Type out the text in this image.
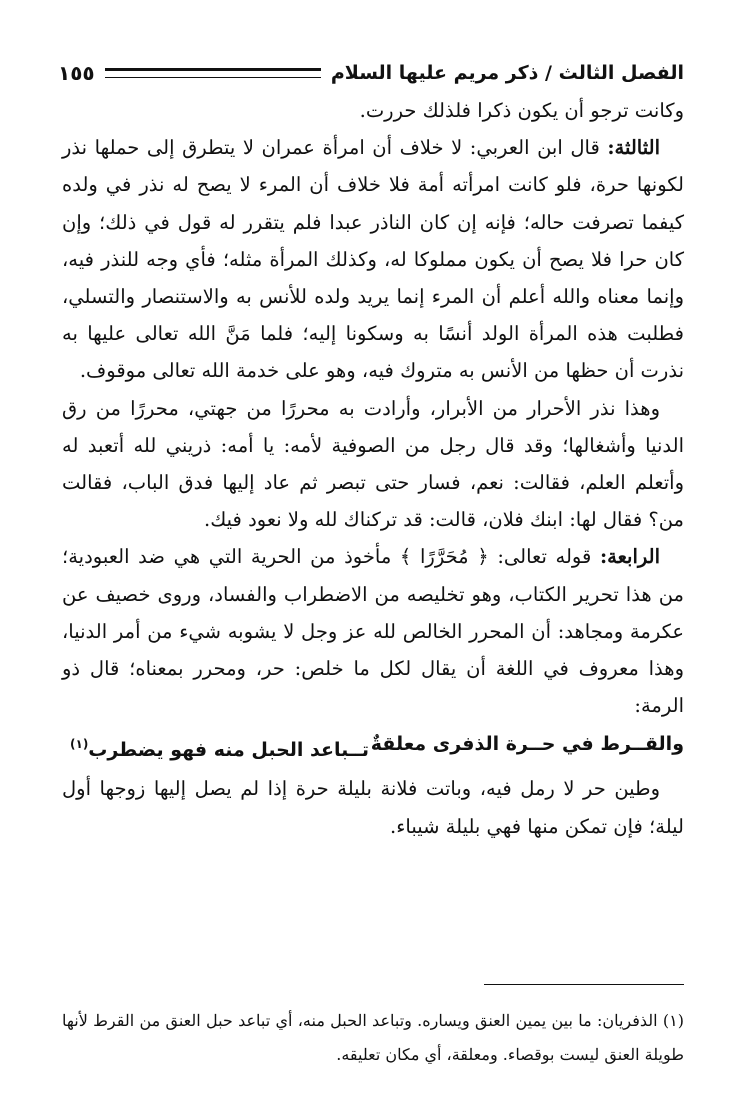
الفصل الثالث / ذكر مريم عليها السلام
١٥٥

وكانت ترجو أن يكون ذكرا فلذلك حررت.

الثالثة: قال ابن العربي: لا خلاف أن امرأة عمران لا يتطرق إلى حملها نذر لكونها حرة، فلو كانت امرأته أمة فلا خلاف أن المرء لا يصح له نذر في ولده كيفما تصرفت حاله؛ فإنه إن كان الناذر عبدا فلم يتقرر له قول في ذلك؛ وإن كان حرا فلا يصح أن يكون مملوكا له، وكذلك المرأة مثله؛ فأي وجه للنذر فيه، وإنما معناه والله أعلم أن المرء إنما يريد ولده للأنس به والاستنصار والتسلي، فطلبت هذه المرأة الولد أنسًا به وسكونا إليه؛ فلما مَنَّ الله تعالى عليها به نذرت أن حظها من الأنس به متروك فيه، وهو على خدمة الله تعالى موقوف.

وهذا نذر الأحرار من الأبرار، وأرادت به محررًا من جهتي، محررًا من رق الدنيا وأشغالها؛ وقد قال رجل من الصوفية لأمه: يا أمه: ذريني لله أتعبد له وأتعلم العلم، فقالت: نعم، فسار حتى تبصر ثم عاد إليها فدق الباب، فقالت من؟ فقال لها: ابنك فلان، قالت: قد تركناك لله ولا نعود فيك.

الرابعة: قوله تعالى: ﴿ مُحَرَّرًا ﴾ مأخوذ من الحرية التي هي ضد العبودية؛ من هذا تحرير الكتاب، وهو تخليصه من الاضطراب والفساد، وروى خصيف عن عكرمة ومجاهد: أن المحرر الخالص لله عز وجل لا يشوبه شيء من أمر الدنيا، وهذا معروف في اللغة أن يقال لكل ما خلص: حر، ومحرر بمعناه؛ قال ذو الرمة:

والقــرط في حــرة الذفرى معلقةٌ
تــباعد الحبل منه فهو يضطرب$^{(١)}$

وطين حر لا رمل فيه، وباتت فلانة بليلة حرة إذا لم يصل إليها زوجها أول ليلة؛ فإن تمكن منها فهي بليلة شيباء.

(١) الذفريان: ما بين يمين العنق ويساره. وتباعد الحبل منه، أي تباعد حبل العنق من القرط لأنها طويلة العنق ليست بوقصاء. ومعلقة، أي مكان تعليقه.
